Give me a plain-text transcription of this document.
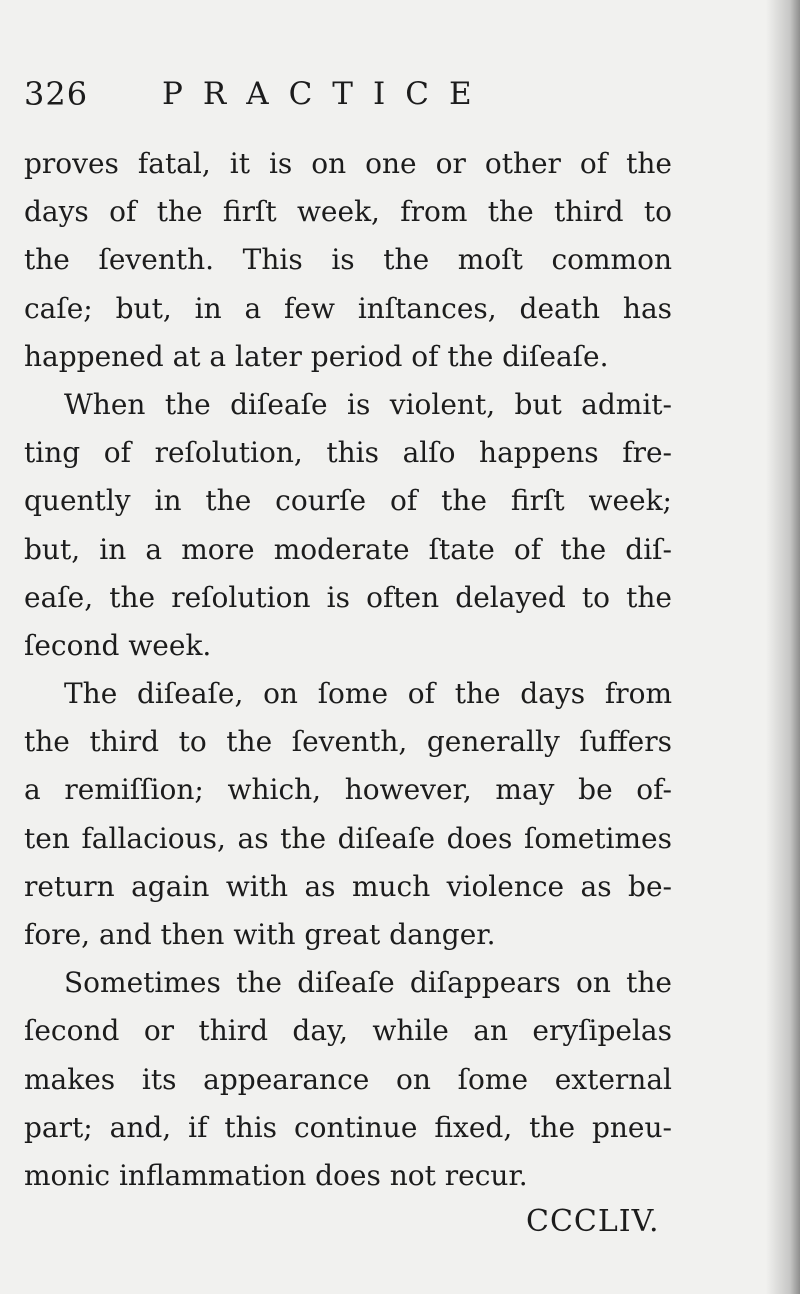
326 PRACTICE
proves fatal, it is on one or other of the
days of the firſt week, from the third to
the ſeventh. This is the moſt common
caſe; but, in a few inſtances, death has
happened at a later period of the diſeaſe.
When the diſeaſe is violent, but admit-
ting of reſolution, this alſo happens fre-
quently in the courſe of the firſt week;
but, in a more moderate ſtate of the diſ-
eaſe, the reſolution is often delayed to the
ſecond week.
The diſeaſe, on ſome of the days from
the third to the ſeventh, generally ſuffers
a remiſſion; which, however, may be of-
ten fallacious, as the diſeaſe does ſometimes
return again with as much violence as be-
fore, and then with great danger.
Sometimes the diſeaſe diſappears on the
ſecond or third day, while an eryſipelas
makes its appearance on ſome external
part; and, if this continue fixed, the pneu-
monic inflammation does not recur.
CCCLIV.
